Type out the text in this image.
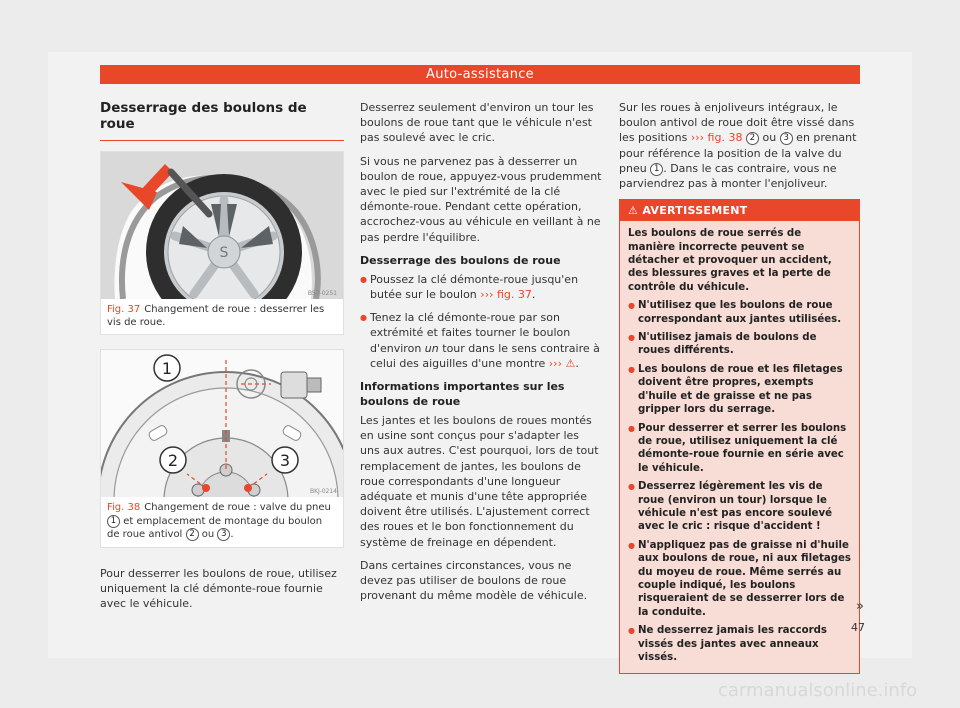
Auto-assistance
Desserrage des boulons de roue
S
B57-0251
Fig. 37 Changement de roue : desserrer les vis de roue.
1
2	3
BKJ-0214
Fig. 38 Changement de roue : valve du pneu 1 et emplacement de montage du boulon de roue antivol 2 ou 3 .

Pour desserrer les boulons de roue, utilisez uniquement la clé démonte-roue fournie avec le véhicule.

Desserrez seulement d'environ un tour les boulons de roue tant que le véhicule n'est pas soulevé avec le cric.

Si vous ne parvenez pas à desserrer un boulon de roue, appuyez-vous prudemment avec le pied sur l'extrémité de la clé démonte-roue. Pendant cette opération, accrochez-vous au véhicule en veillant à ne pas perdre l'équilibre.

Desserrage des boulons de roue

● Poussez la clé démonte-roue jusqu'en butée sur le boulon ››› fig. 37.

● Tenez la clé démonte-roue par son extrémité et faites tourner le boulon d'environ un tour dans le sens contraire à celui des aiguilles d'une montre ››› ⚠.

Informations importantes sur les boulons de roue

Les jantes et les boulons de roues montés en usine sont conçus pour s'adapter les uns aux autres. C'est pourquoi, lors de tout remplacement de jantes, les boulons de roue correspondants d'une longueur adéquate et munis d'une tête appropriée doivent être utilisés. L'ajustement correct des roues et le bon fonctionnement du système de freinage en dépendent.

Dans certaines circonstances, vous ne devez pas utiliser de boulons de roue provenant du même modèle de véhicule.

Sur les roues à enjoliveurs intégraux, le boulon antivol de roue doit être vissé dans les positions ››› fig. 38 2 ou 3 en prenant pour référence la position de la valve du pneu 1 . Dans le cas contraire, vous ne parviendrez pas à monter l'enjoliveur.

⚠ AVERTISSEMENT

Les boulons de roue serrés de manière incorrecte peuvent se détacher et provoquer un accident, des blessures graves et la perte de contrôle du véhicule.

● N'utilisez que les boulons de roue correspondant aux jantes utilisées.

● N'utilisez jamais de boulons de roues différents.

● Les boulons de roue et les filetages doivent être propres, exempts d'huile et de graisse et ne pas gripper lors du serrage.

● Pour desserrer et serrer les boulons de roue, utilisez uniquement la clé démonte-roue fournie en série avec le véhicule.

● Desserrez légèrement les vis de roue (environ un tour) lorsque le véhicule n'est pas encore soulevé avec le cric : risque d'accident !

● N'appliquez pas de graisse ni d'huile aux boulons de roue, ni aux filetages du moyeu de roue. Même serrés au couple indiqué, les boulons risqueraient de se desserrer lors de la conduite.

● Ne desserrez jamais les raccords vissés des jantes avec anneaux vissés.

»
47
carmanualsonline.info
